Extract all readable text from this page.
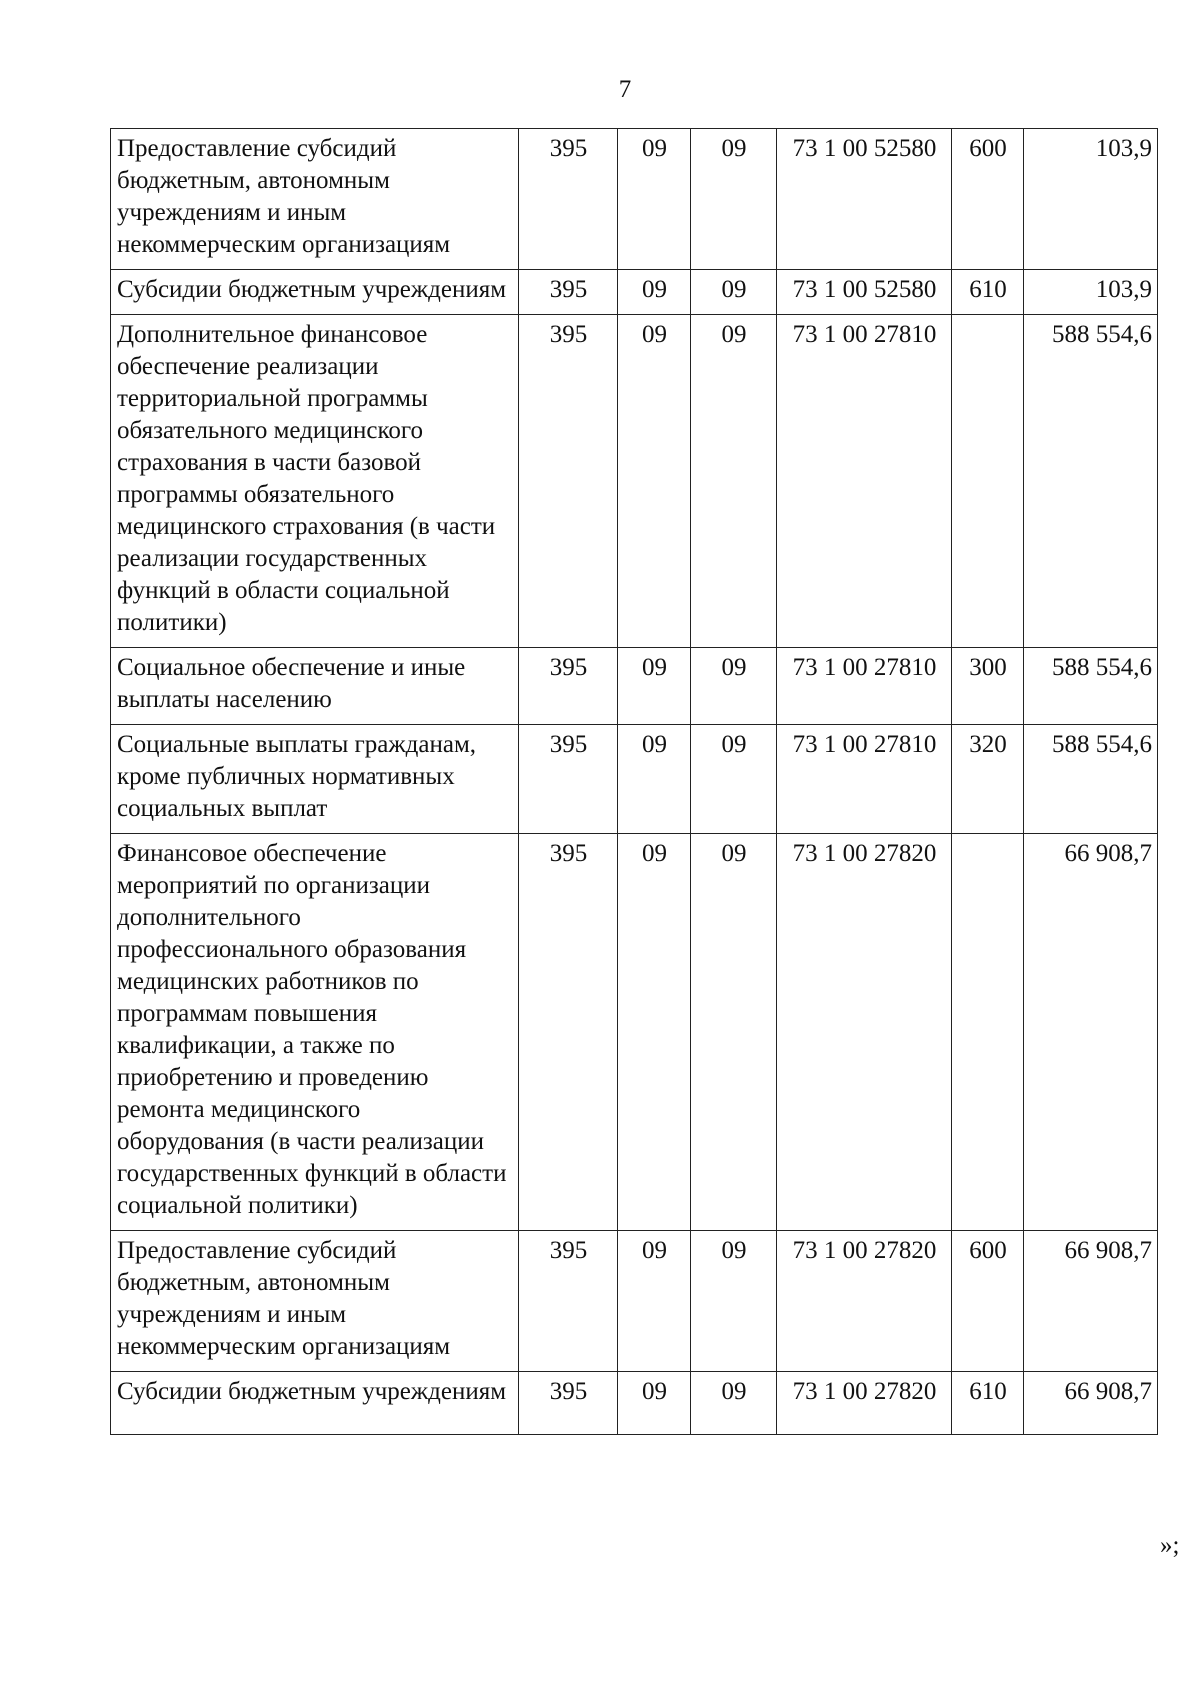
7
Предоставление субсидий бюджетным, автономным учреждениям и иным некоммерческим организациям	395	09	09	73 1 00 52580	600	103,9
Субсидии бюджетным учреждениям	395	09	09	73 1 00 52580	610	103,9
Дополнительное финансовое обеспечение реализации территориальной программы обязательного медицинского страхования в части базовой программы обязательного медицинского страхования (в части реализации государственных функций в области социальной политики)	395	09	09	73 1 00 27810		588 554,6
Социальное обеспечение и иные выплаты населению	395	09	09	73 1 00 27810	300	588 554,6
Социальные выплаты гражданам, кроме публичных нормативных социальных выплат	395	09	09	73 1 00 27810	320	588 554,6
Финансовое обеспечение мероприятий по организации дополнительного профессионального образования медицинских работников по программам повышения квалификации, а также по приобретению и проведению ремонта медицинского оборудования (в части реализации государственных функций в области социальной политики)	395	09	09	73 1 00 27820		66 908,7
Предоставление субсидий бюджетным, автономным учреждениям и иным некоммерческим организациям	395	09	09	73 1 00 27820	600	66 908,7
Субсидии бюджетным учреждениям	395	09	09	73 1 00 27820	610	66 908,7
»;
